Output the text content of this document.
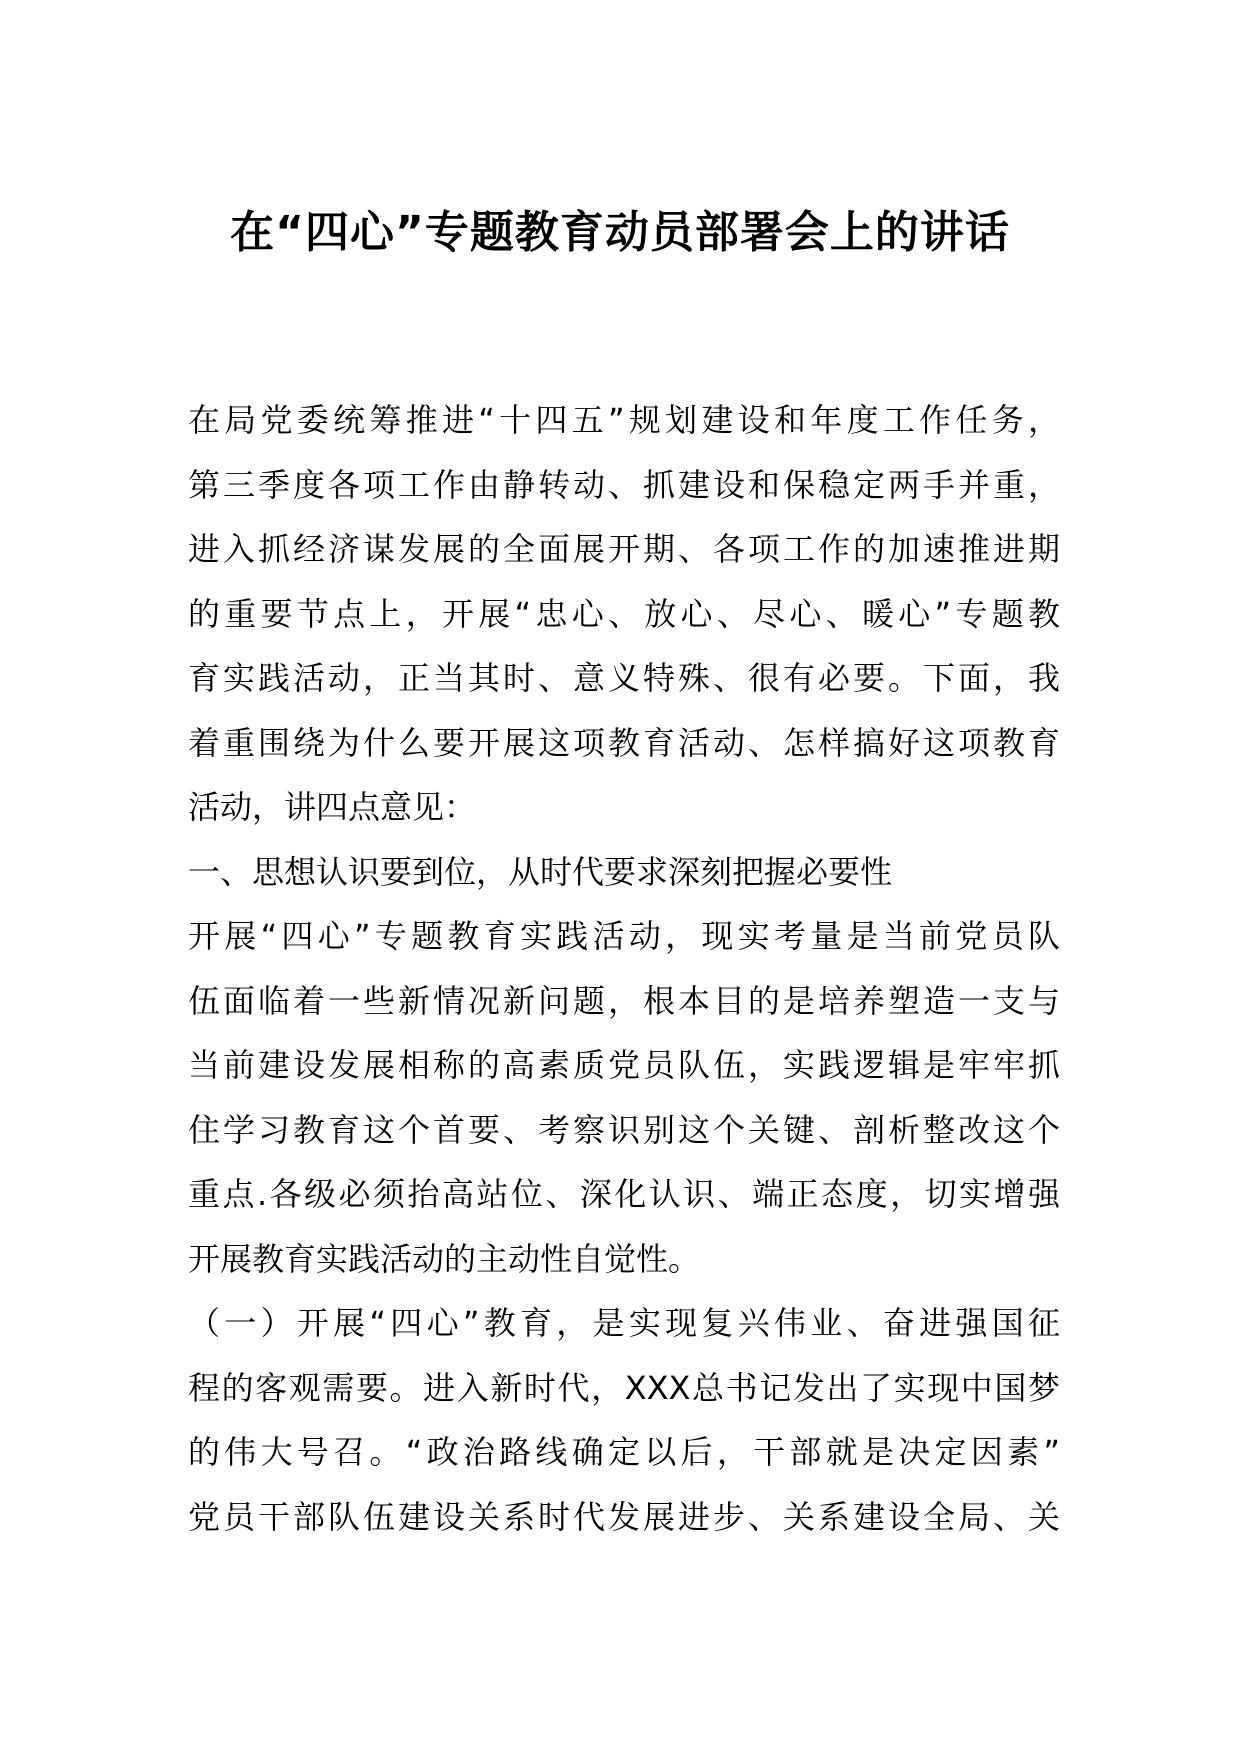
在“四心”专题教育动员部署会上的讲话
在局党委统筹推进“十四五”规划建设和年度工作任务，
第三季度各项工作由静转动、抓建设和保稳定两手并重，
进入抓经济谋发展的全面展开期、各项工作的加速推进期
的重要节点上，开展“忠心、放心、尽心、暖心”专题教
育实践活动，正当其时、意义特殊、很有必要。下面，我
着重围绕为什么要开展这项教育活动、怎样搞好这项教育
活动，讲四点意见：
一、思想认识要到位，从时代要求深刻把握必要性
开展“四心”专题教育实践活动，现实考量是当前党员队
伍面临着一些新情况新问题，根本目的是培养塑造一支与
当前建设发展相称的高素质党员队伍，实践逻辑是牢牢抓
住学习教育这个首要、考察识别这个关键、剖析整改这个
重点.各级必须抬高站位、深化认识、端正态度，切实增强
开展教育实践活动的主动性自觉性。
（一）开展“四心”教育，是实现复兴伟业、奋进强国征
程的客观需要。进入新时代，XXX总书记发出了实现中国梦
的伟大号召。“政治路线确定以后，干部就是决定因素”
党员干部队伍建设关系时代发展进步、关系建设全局、关
